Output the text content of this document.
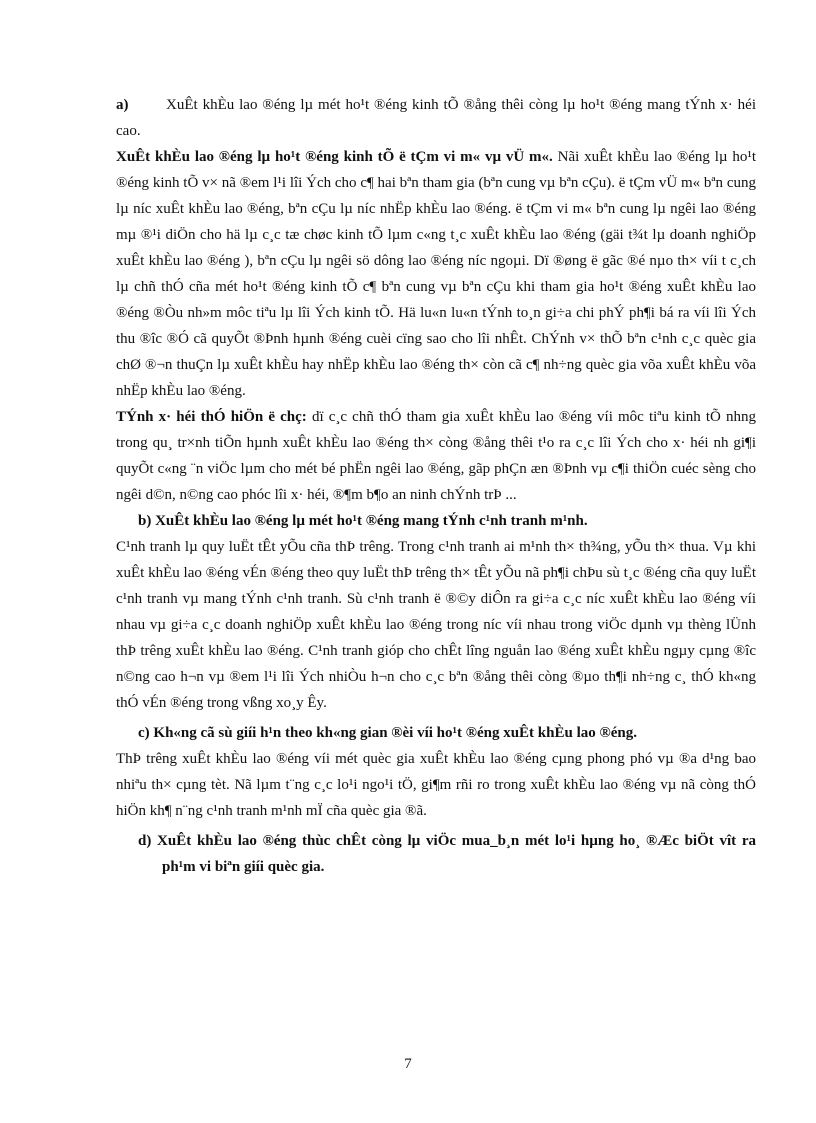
a)	XuÊt khÈu lao ®éng lµ mét ho¹t ®éng kinh tÕ ®ång thêi còng lµ ho¹t ®éng mang tÝnh x· héi cao.

XuÊt khÈu lao ®éng lµ ho¹t ®éng kinh tÕ ë tÇm vi m« vµ vÜ m«. Nãi xuÊt khÈu lao ®éng lµ ho¹t ®éng kinh tÕ v× nã ®em l¹i lîi Ých cho c¶ hai bªn tham gia (bªn cung vµ bªn cÇu). ë tÇm vÜ m« bªn cung lµ níc xuÊt khÈu lao ®éng, bªn cÇu lµ níc nhËp khÈu lao ®éng. ë tÇm vi m« bªn cung lµ ngêi lao ®éng mµ ®¹i diÖn cho hä lµ c¸c tæ chøc kinh tÕ lµm c«ng t¸c xuÊt khÈu lao ®éng (gäi t¾t lµ doanh nghiÖp xuÊt khÈu lao ®éng ), bªn cÇu lµ ngêi sö dông lao ®éng níc ngoµi. Dï ®øng ë gãc ®é nµo th× víi t c¸ch lµ chñ thÓ cña mét ho¹t ®éng kinh tÕ c¶ bªn cung vµ bªn cÇu khi tham gia ho¹t ®éng xuÊt khÈu lao ®éng ®Òu nh»m môc tiªu lµ lîi Ých kinh tÕ. Hä lu«n lu«n tÝnh to¸n gi÷a chi phÝ ph¶i bá ra víi lîi Ých thu ®îc ®Ó cã quyÕt ®Þnh hµnh ®éng cuèi cïng sao cho lîi nhÊt. ChÝnh v× thÕ bªn c¹nh c¸c quèc gia chØ ®¬n thuÇn lµ xuÊt khÈu hay nhËp khÈu lao ®éng th× còn cã c¶ nh÷ng quèc gia võa xuÊt khÈu võa nhËp khÈu lao ®éng.

TÝnh x· héi thÓ hiÖn ë chç: dï c¸c chñ thÓ tham gia xuÊt khÈu lao ®éng víi môc tiªu kinh tÕ nhng trong qu¸ tr×nh tiÕn hµnh xuÊt khÈu lao ®éng th× còng ®ång thêi t¹o ra c¸c lîi Ých cho x· héi nh gi¶i quyÕt c«ng ¨n viÖc lµm cho mét bé phËn ngêi lao ®éng, gãp phÇn æn ®Þnh vµ c¶i thiÖn cuéc sèng cho ngêi d©n, n©ng cao phóc lîi x· héi, ®¶m b¶o an ninh chÝnh trÞ ...

b) XuÊt khÈu lao ®éng lµ mét ho¹t ®éng mang tÝnh c¹nh tranh m¹nh.

C¹nh tranh lµ quy luËt tÊt yÕu cña thÞ trêng. Trong c¹nh tranh ai m¹nh th× th¾ng, yÕu th× thua. Vµ khi xuÊt khÈu lao ®éng vÉn ®éng theo quy luËt thÞ trêng th× tÊt yÕu nã ph¶i chÞu sù t¸c ®éng cña quy luËt c¹nh tranh vµ mang tÝnh c¹nh tranh. Sù c¹nh tranh ë ®©y diÔn ra gi÷a c¸c níc xuÊt khÈu lao ®éng víi nhau vµ gi÷a c¸c doanh nghiÖp xuÊt khÈu lao ®éng trong níc víi nhau trong viÖc dµnh vµ thèng lÜnh thÞ trêng xuÊt khÈu lao ®éng. C¹nh tranh gióp cho chÊt lîng nguån lao ®éng xuÊt khÈu ngµy cµng ®îc n©ng cao h¬n vµ ®em l¹i lîi Ých nhiÒu h¬n cho c¸c bªn ®ång thêi còng ®µo th¶i nh÷ng c¸ thÓ kh«ng thÓ vÉn ®éng trong vßng xo¸y Êy.

c) Kh«ng cã sù giíi h¹n theo kh«ng gian ®èi víi ho¹t ®éng xuÊt khÈu lao ®éng.

ThÞ trêng xuÊt khÈu lao ®éng víi mét quèc gia xuÊt khÈu lao ®éng cµng phong phó vµ ®a d¹ng bao nhiªu th× cµng tèt. Nã lµm t¨ng c¸c lo¹i ngo¹i tÖ, gi¶m rñi ro trong xuÊt khÈu lao ®éng vµ nã còng thÓ hiÖn kh¶ n¨ng c¹nh tranh m¹nh mÏ cña quèc gia ®ã.

d) XuÊt khÈu lao ®éng thùc chÊt còng lµ viÖc mua_b¸n mét lo¹i hµng ho¸ ®Æc biÖt vît ra ph¹m vi biªn giíi quèc gia.

7
